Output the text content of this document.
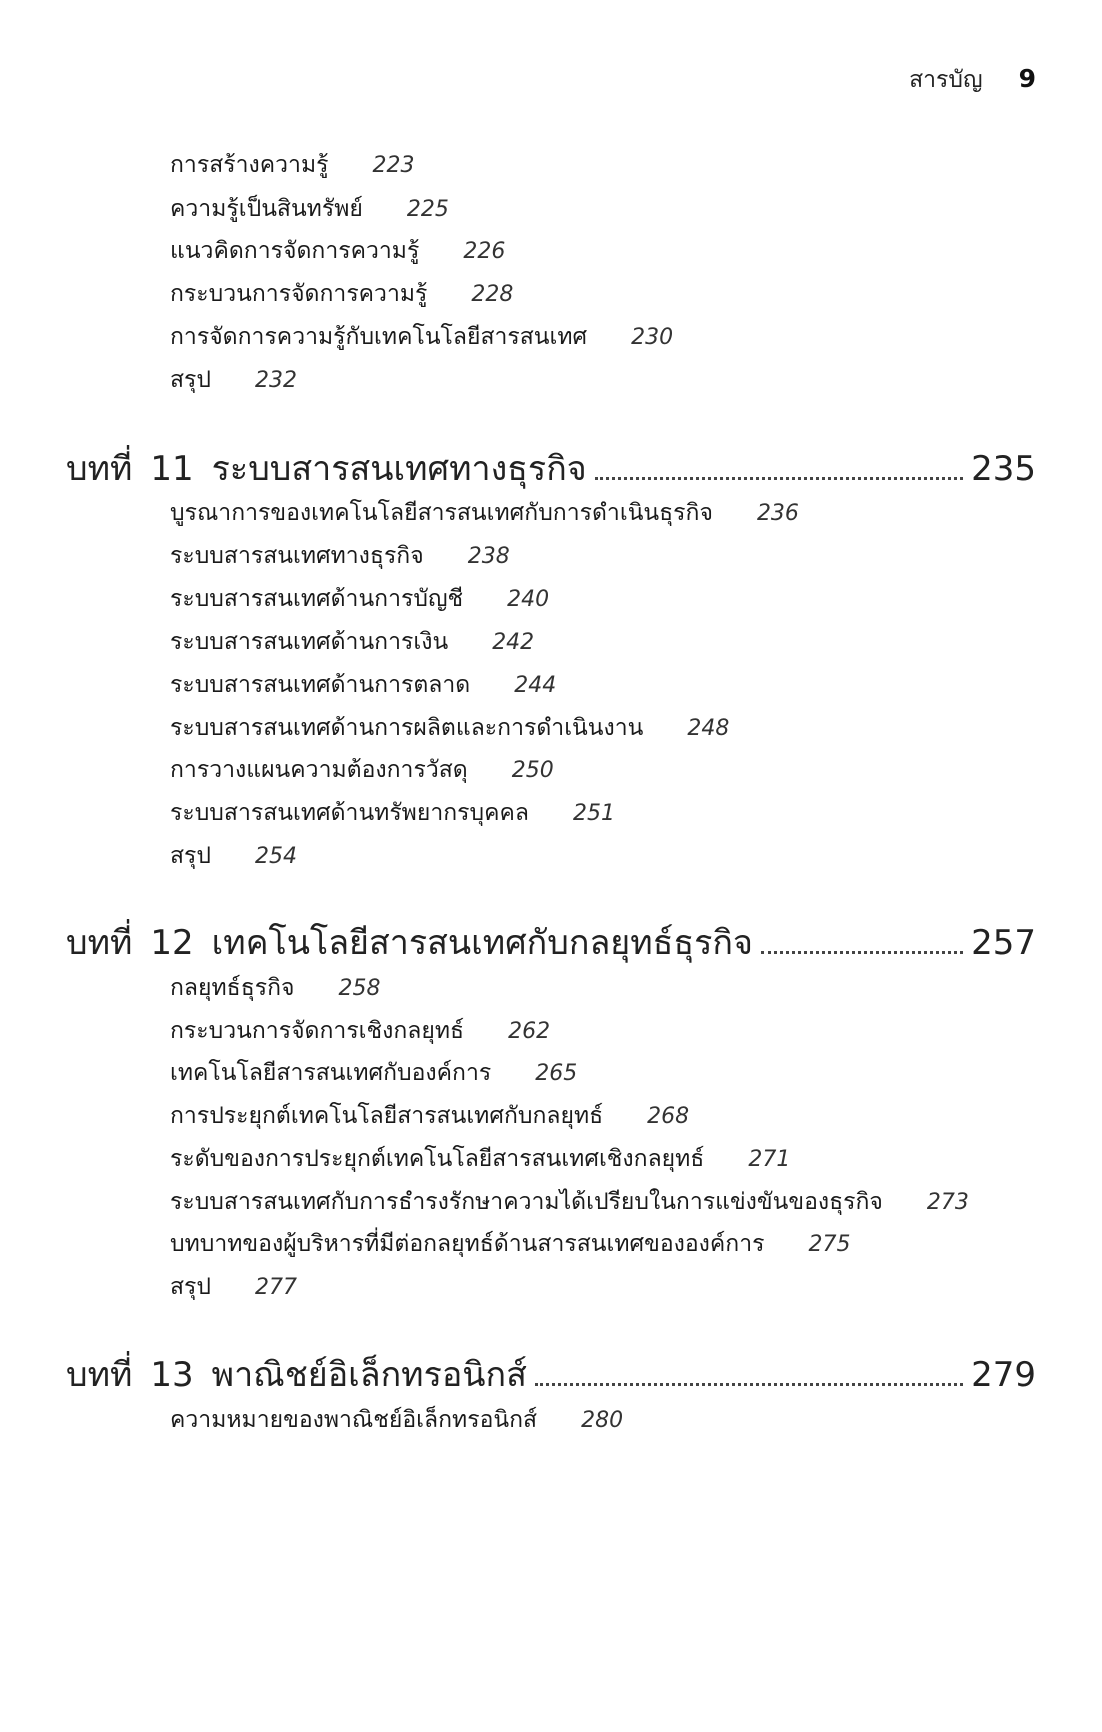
สารบัญ 9
การสร้างความรู้ 223
ความรู้เป็นสินทรัพย์ 225
แนวคิดการจัดการความรู้ 226
กระบวนการจัดการความรู้ 228
การจัดการความรู้กับเทคโนโลยีสารสนเทศ 230
สรุป 232
บทที่ 11 ระบบสารสนเทศทางธุรกิจ	235
บูรณาการของเทคโนโลยีสารสนเทศกับการดำเนินธุรกิจ 236
ระบบสารสนเทศทางธุรกิจ 238
ระบบสารสนเทศด้านการบัญชี 240
ระบบสารสนเทศด้านการเงิน 242
ระบบสารสนเทศด้านการตลาด 244
ระบบสารสนเทศด้านการผลิตและการดำเนินงาน 248
การวางแผนความต้องการวัสดุ 250
ระบบสารสนเทศด้านทรัพยากรบุคคล 251
สรุป 254
บทที่ 12 เทคโนโลยีสารสนเทศกับกลยุทธ์ธุรกิจ	257
กลยุทธ์ธุรกิจ 258
กระบวนการจัดการเชิงกลยุทธ์ 262
เทคโนโลยีสารสนเทศกับองค์การ 265
การประยุกต์เทคโนโลยีสารสนเทศกับกลยุทธ์ 268
ระดับของการประยุกต์เทคโนโลยีสารสนเทศเชิงกลยุทธ์ 271
ระบบสารสนเทศกับการธำรงรักษาความได้เปรียบในการแข่งขันของธุรกิจ 273
บทบาทของผู้บริหารที่มีต่อกลยุทธ์ด้านสารสนเทศขององค์การ 275
สรุป 277
บทที่ 13 พาณิชย์อิเล็กทรอนิกส์	279
ความหมายของพาณิชย์อิเล็กทรอนิกส์ 280
